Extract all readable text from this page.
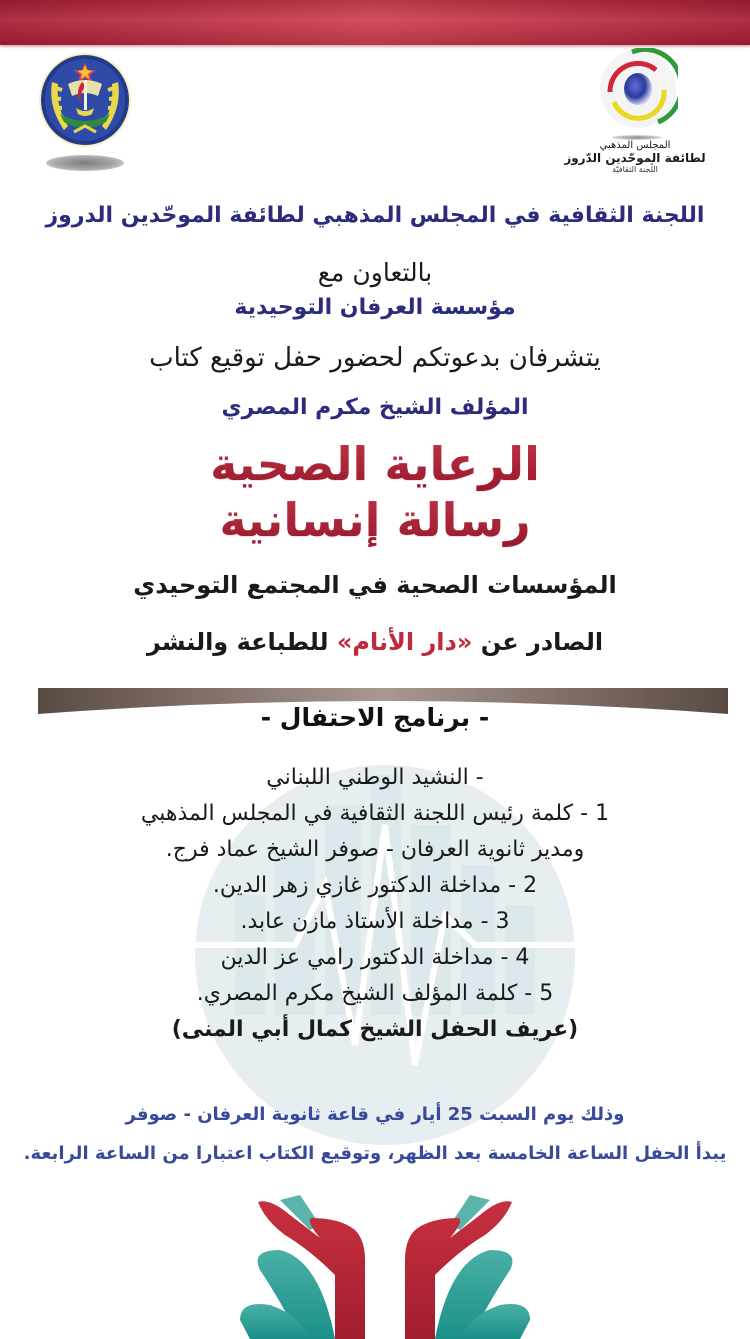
المجلس المذهبي
لطائفة الموحّدين الدّروز
اللّجنة الثقافيّة
اللجنة الثقافية في المجلس المذهبي لطائفة الموحّدين الدروز
بالتعاون مع
مؤسسة العرفان التوحيدية
يتشرفان بدعوتكم لحضور حفل توقيع كتاب
المؤلف الشيخ مكرم المصري
الرعاية الصحية
رسالة إنسانية
المؤسسات الصحية في المجتمع التوحيدي
الصادر عن «دار الأنام» للطباعة والنشر
- برنامج الاحتفال -
- النشيد الوطني اللبناني
1 - كلمة رئيس اللجنة الثقافية في المجلس المذهبي
ومدير ثانوية العرفان - صوفر الشيخ عماد فرج.
2 - مداخلة الدكتور غازي زهر الدين.
3 - مداخلة الأستاذ مازن عابد.
4 - مداخلة الدكتور رامي عز الدين
5 - كلمة المؤلف الشيخ مكرم المصري.
(عريف الحفل الشيخ كمال أبي المنى)
وذلك يوم السبت 25 أيار في قاعة ثانوية العرفان - صوفر
يبدأ الحفل الساعة الخامسة بعد الظهر، وتوقيع الكتاب اعتبارا من الساعة الرابعة.
